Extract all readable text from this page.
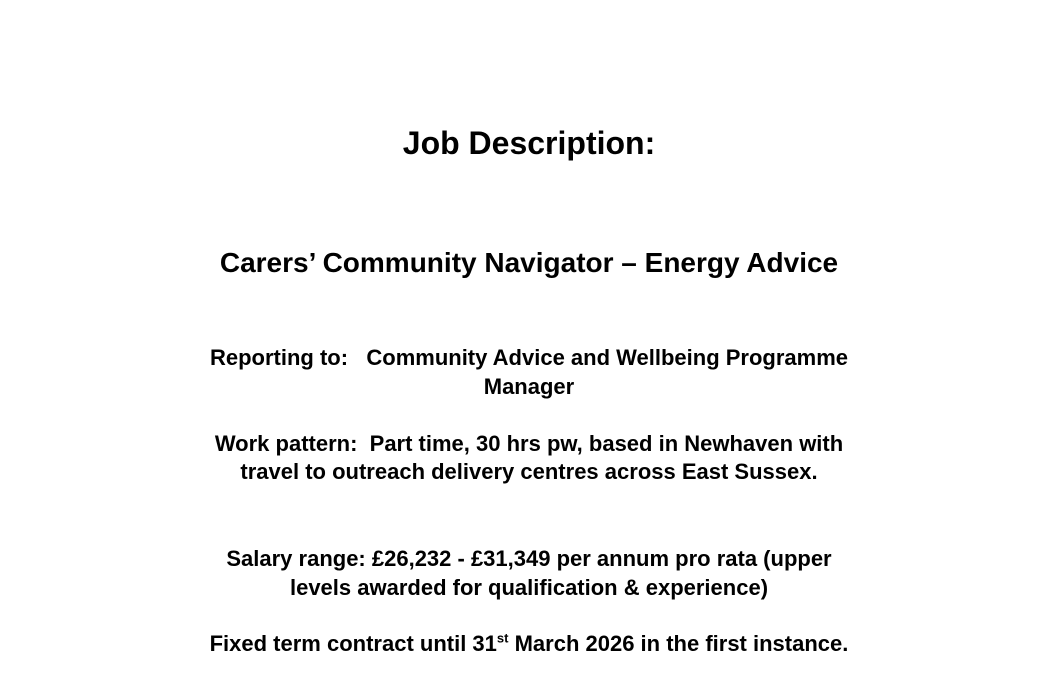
Job Description:
Carers’ Community Navigator – Energy Advice
Reporting to:   Community Advice and Wellbeing Programme
Manager
Work pattern:  Part time, 30 hrs pw, based in Newhaven with
travel to outreach delivery centres across East Sussex.
Salary range: £26,232 - £31,349 per annum pro rata (upper
levels awarded for qualification & experience)
Fixed term contract until 31st March 2026 in the first instance.
